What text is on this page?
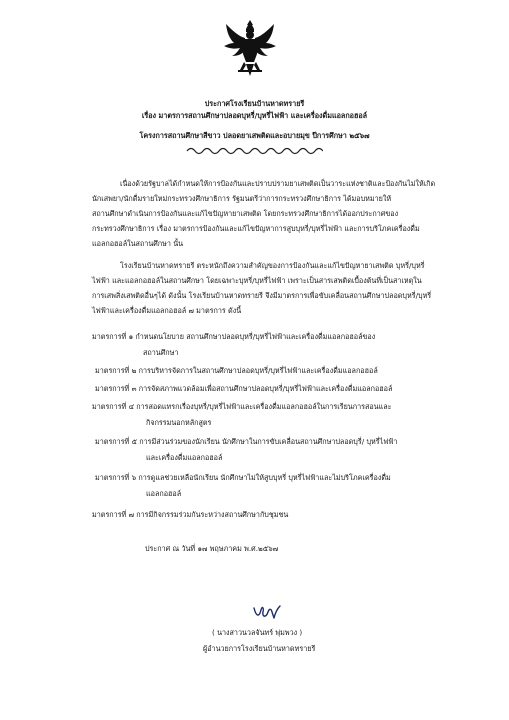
ประกาศโรงเรียนบ้านหาดทรายรี
เรื่อง มาตรการสถานศึกษาปลอดบุหรี่/บุหรี่ไฟฟ้า และเครื่องดื่มแอลกอฮอล์
โครงการสถานศึกษาสีขาว ปลอดยาเสพติดและอบายมุข ปีการศึกษา ๒๕๖๗
เนื่องด้วยรัฐบาลได้กำหนดให้การป้องกันและปราบปรามยาเสพติดเป็นวาระแห่งชาติและป้องกันไม่ให้เกิด
นักเสพยา/นักดื่มรายใหม่กระทรวงศึกษาธิการ รัฐมนตรีว่าการกระทรวงศึกษาธิการ ได้มอบหมายให้
สถานศึกษาดำเนินการป้องกันและแก้ไขปัญหายาเสพติด โดยกระทรวงศึกษาธิการได้ออกประกาศของ
กระทรวงศึกษาธิการ เรื่อง มาตรการป้องกันและแก้ไขปัญหาการสูบบุหรี่/บุหรี่ไฟฟ้า และการบริโภคเครื่องดื่ม
แอลกอฮอล์ในสถานศึกษา นั้น
โรงเรียนบ้านหาดทรายรี ตระหนักถึงความสำคัญของการป้องกันและแก้ไขปัญหายาเสพติด บุหรี่/บุหรี่
ไฟฟ้า และแอลกอฮอล์ในสถานศึกษา โดยเฉพาะบุหรี่/บุหรี่ไฟฟ้า เพราะเป็นสารเสพติดเบื้องต้นที่เป็นสาเหตุใน
การเสพสิ่งเสพติดอื่นๆได้ ดังนั้น โรงเรียนบ้านหาดทรายรี จึงมีมาตรการเพื่อขับเคลื่อนสถานศึกษาปลอดบุหรี่/บุหรี่
ไฟฟ้าและเครื่องดื่มแอลกอฮอล์ ๗ มาตรการ ดังนี้
มาตรการที่ ๑ กำหนดนโยบาย สถานศึกษาปลอดบุหรี่/บุหรี่ไฟฟ้าและเครื่องดื่มแอลกอฮอล์ของ
สถานศึกษา
มาตรการที่ ๒ การบริหารจัดการในสถานศึกษาปลอดบุหรี่/บุหรี่ไฟฟ้าและเครื่องดื่มแอลกอฮอล์
มาตรการที่ ๓ การจัดสภาพแวดล้อมเพื่อสถานศึกษาปลอดบุหรี่/บุหรี่ไฟฟ้าและเครื่องดื่มแอลกอฮอล์
มาตรการที่ ๔ การสอดแทรกเรื่องบุหรี่/บุหรี่ไฟฟ้าและเครื่องดื่มแอลกอฮอล์ในการเรียนการสอนและ
กิจกรรมนอกหลักสูตร
มาตรการที่ ๕ การมีส่วนร่วมของนักเรียน นักศึกษาในการขับเคลื่อนสถานศึกษาปลอดบุรี่/ บุหรี่ไฟฟ้า
และเครื่องดื่มแอลกอฮอล์
มาตรการที่ ๖ การดูแลช่วยเหลือนักเรียน นักศึกษาไม่ให้สูบบุหรี่ บุหรี่ไฟฟ้าและไม่บริโภคเครื่องดื่ม
แอลกอฮอล์
มาตรการที่ ๗ การมีกิจกรรมร่วมกันระหว่างสถานศึกษากับชุมชน
ประกาศ ณ วันที่ ๑๗ พฤษภาคม พ.ศ.๒๕๖๗
( นางสาวนวลจันทร์ พุ่มพวง )
ผู้อำนวยการโรงเรียนบ้านหาดทรายรี
